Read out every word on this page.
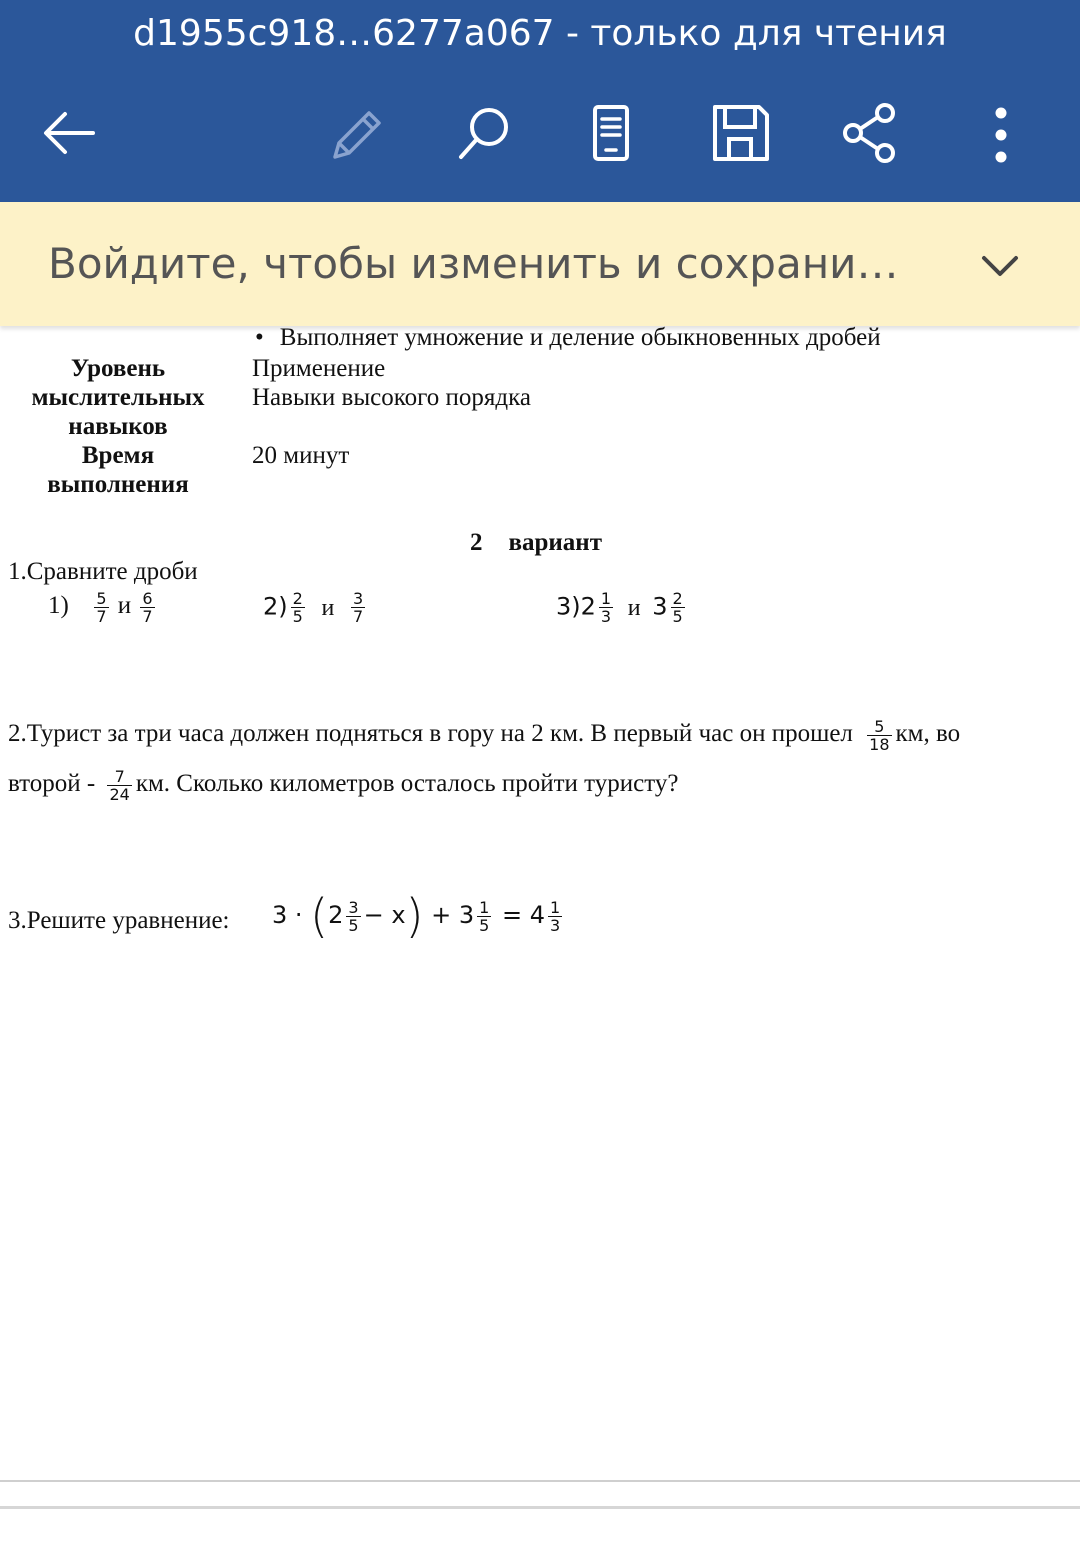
d1955c918…6277a067 - только для чтения
Войдите, чтобы изменить и сохрани…
• Выполняет умножение и деление обыкновенных дробей
Уровень
мыслительных
навыков
Применение
Навыки высокого порядка
Время
выполнения
20 минут
2 вариант
1.Сравните дроби
$1) \frac{5}{7}$ и $\frac{6}{7}$	$2) \frac{2}{5}$ и $\frac{3}{7}$	$3)2 \frac{1}{3}$ и $3 \frac{2}{5}$
2.Турист за три часа должен подняться в гору на 2 км. В первый час он прошел $\frac{5}{18}$ км, во
второй - $\frac{7}{24}$ км. Сколько километров осталось пройти туристу?
3.Решите уравнение: $3 \cdot (2 \frac{3}{5} - x) + 3 \frac{1}{5} = 4 \frac{1}{3}$
